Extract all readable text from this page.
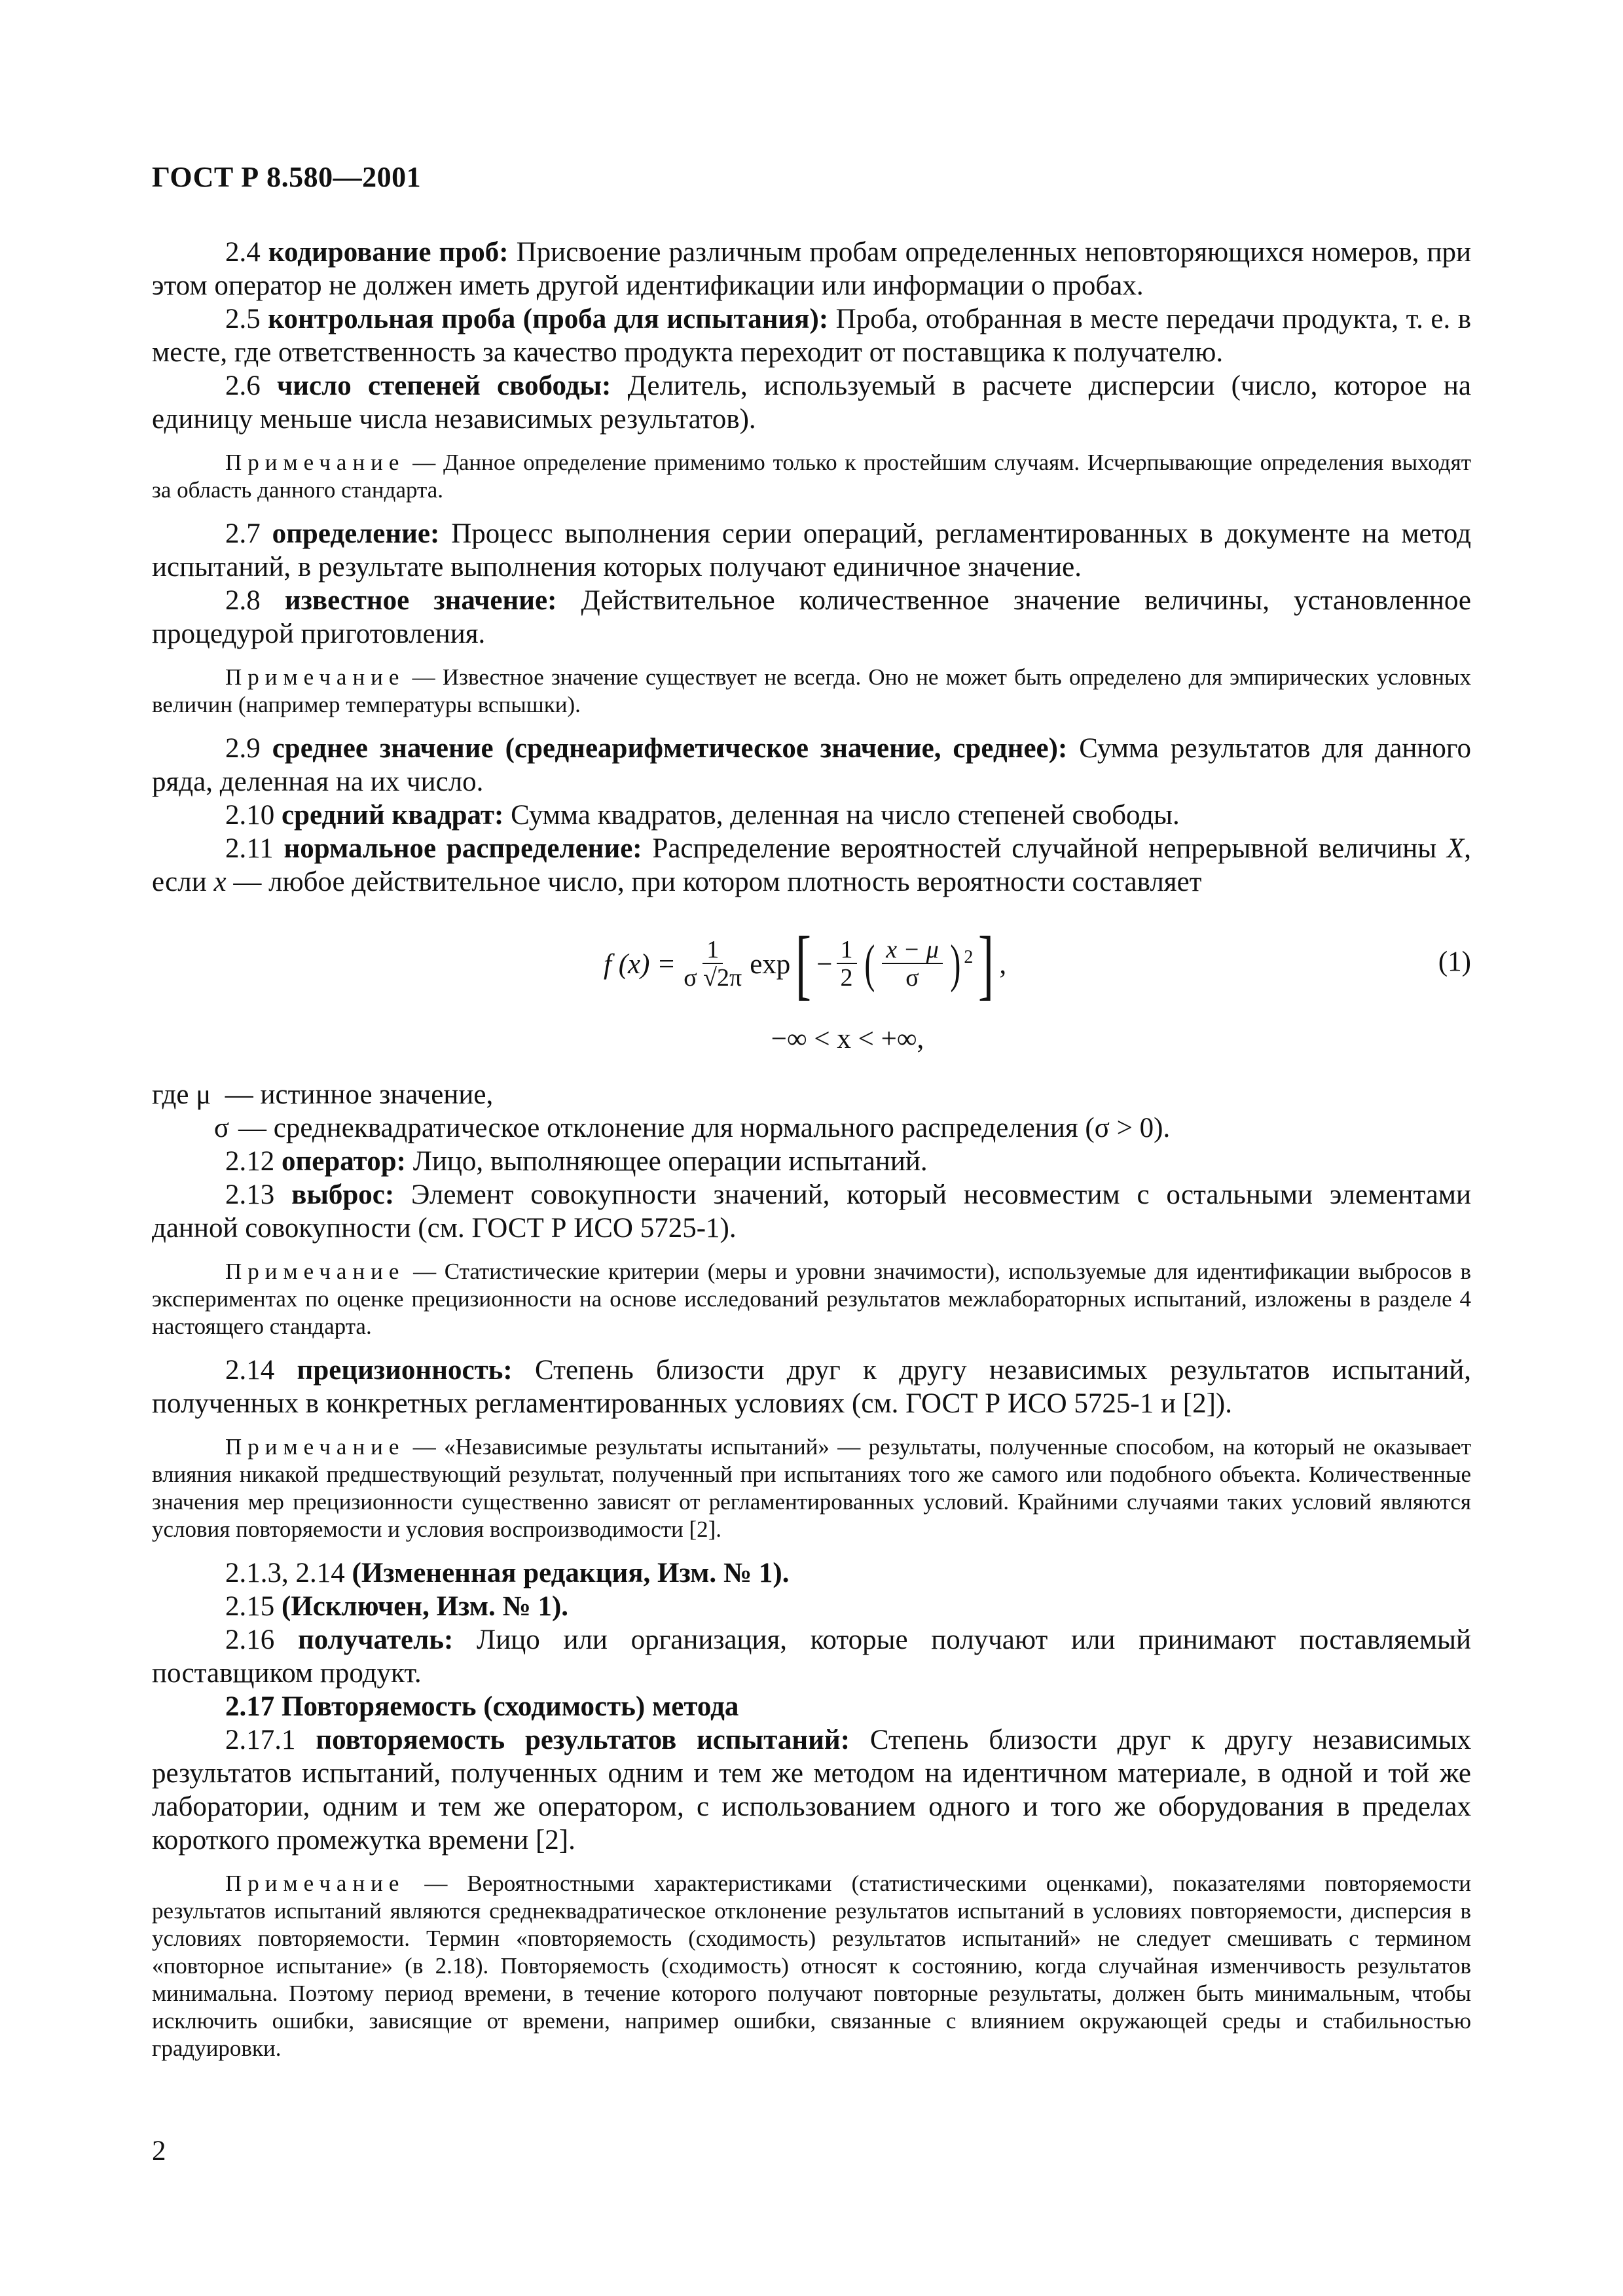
ГОСТ Р 8.580—2001

2.4 кодирование проб: Присвоение различным пробам определенных неповторяющихся номеров, при этом оператор не должен иметь другой идентификации или информации о пробах.

2.5 контрольная проба (проба для испытания): Проба, отобранная в месте передачи продукта, т. е. в месте, где ответственность за качество продукта переходит от поставщика к получателю.

2.6 число степеней свободы: Делитель, используемый в расчете дисперсии (число, которое на единицу меньше числа независимых результатов).

Примечание — Данное определение применимо только к простейшим случаям. Исчерпывающие определения выходят за область данного стандарта.

2.7 определение: Процесс выполнения серии операций, регламентированных в документе на метод испытаний, в результате выполнения которых получают единичное значение.

2.8 известное значение: Действительное количественное значение величины, установленное процедурой приготовления.

Примечание — Известное значение существует не всегда. Оно не может быть определено для эмпирических условных величин (например температуры вспышки).

2.9 среднее значение (среднеарифметическое значение, среднее): Сумма результатов для данного ряда, деленная на их число.

2.10 средний квадрат: Сумма квадратов, деленная на число степеней свободы.

2.11 нормальное распределение: Распределение вероятностей случайной непрерывной величины X, если x — любое действительное число, при котором плотность вероятности составляет

f $(x) = \frac{1}{\sigma √2\pi}$ exp [ − $\frac{1}{2}$ ( $\frac{x - \mu}{\sigma}$ ) 2 ] ,	(1)
−∞ < x < +∞,
где μ
— истинное значение,
σ — среднеквадратическое отклонение для нормального распределения (σ > 0).

2.12 оператор: Лицо, выполняющее операции испытаний.

2.13 выброс: Элемент совокупности значений, который несовместим с остальными элементами данной совокупности (см. ГОСТ Р ИСО 5725-1).

Примечание — Статистические критерии (меры и уровни значимости), используемые для идентификации выбросов в экспериментах по оценке прецизионности на основе исследований результатов межлабораторных испытаний, изложены в разделе 4 настоящего стандарта.

2.14 прецизионность: Степень близости друг к другу независимых результатов испытаний, полученных в конкретных регламентированных условиях (см. ГОСТ Р ИСО 5725-1 и [2]).

Примечание — «Независимые результаты испытаний» — результаты, полученные способом, на который не оказывает влияния никакой предшествующий результат, полученный при испытаниях того же самого или подобного объекта. Количественные значения мер прецизионности существенно зависят от регламентированных условий. Крайними случаями таких условий являются условия повторяемости и условия воспроизводимости [2].

2.1.3, 2.14 (Измененная редакция, Изм. № 1).

2.15 (Исключен, Изм. № 1).

2.16 получатель: Лицо или организация, которые получают или принимают поставляемый поставщиком продукт.

2.17 Повторяемость (сходимость) метода

2.17.1 повторяемость результатов испытаний: Степень близости друг к другу независимых результатов испытаний, полученных одним и тем же методом на идентичном материале, в одной и той же лаборатории, одним и тем же оператором, с использованием одного и того же оборудования в пределах короткого промежутка времени [2].

Примечание — Вероятностными характеристиками (статистическими оценками), показателями повторяемости результатов испытаний являются среднеквадратическое отклонение результатов испытаний в условиях повторяемости, дисперсия в условиях повторяемости. Термин «повторяемость (сходимость) результатов испытаний» не следует смешивать с термином «повторное испытание» (в 2.18). Повторяемость (сходимость) относят к состоянию, когда случайная изменчивость результатов минимальна. Поэтому период времени, в течение которого получают повторные результаты, должен быть минимальным, чтобы исключить ошибки, зависящие от времени, например ошибки, связанные с влиянием окружающей среды и стабильностью градуировки.

2
